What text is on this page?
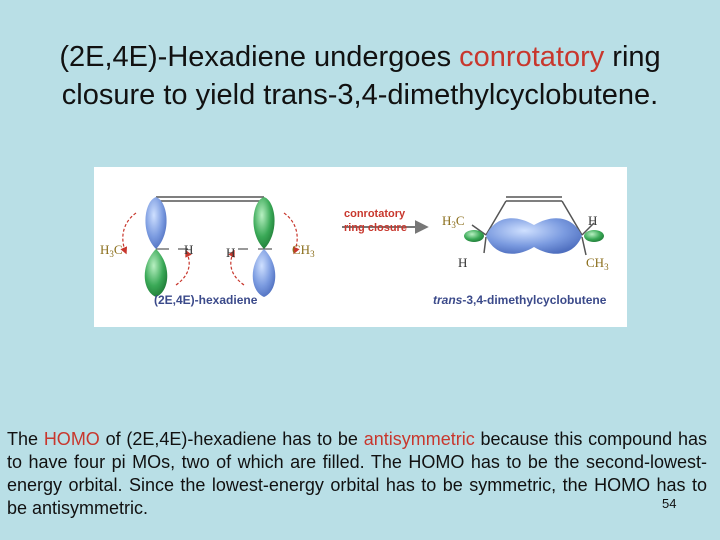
(2E,4E)-Hexadiene undergoes conrotatory ring closure to yield trans-3,4-dimethylcyclobutene.
$H_3C$	H	H	$CH_3$
conrotatory
ring closure	$H_3C$	H
H	$CH_3$
(2E,4E)-hexadiene	trans-3,4-dimethylcyclobutene
The HOMO of (2E,4E)-hexadiene has to be antisymmetric because this compound has to have four pi MOs, two of which are filled. The HOMO has to be the second-lowest-energy orbital. Since the lowest-energy orbital has to be symmetric, the HOMO has to be antisymmetric.	54
